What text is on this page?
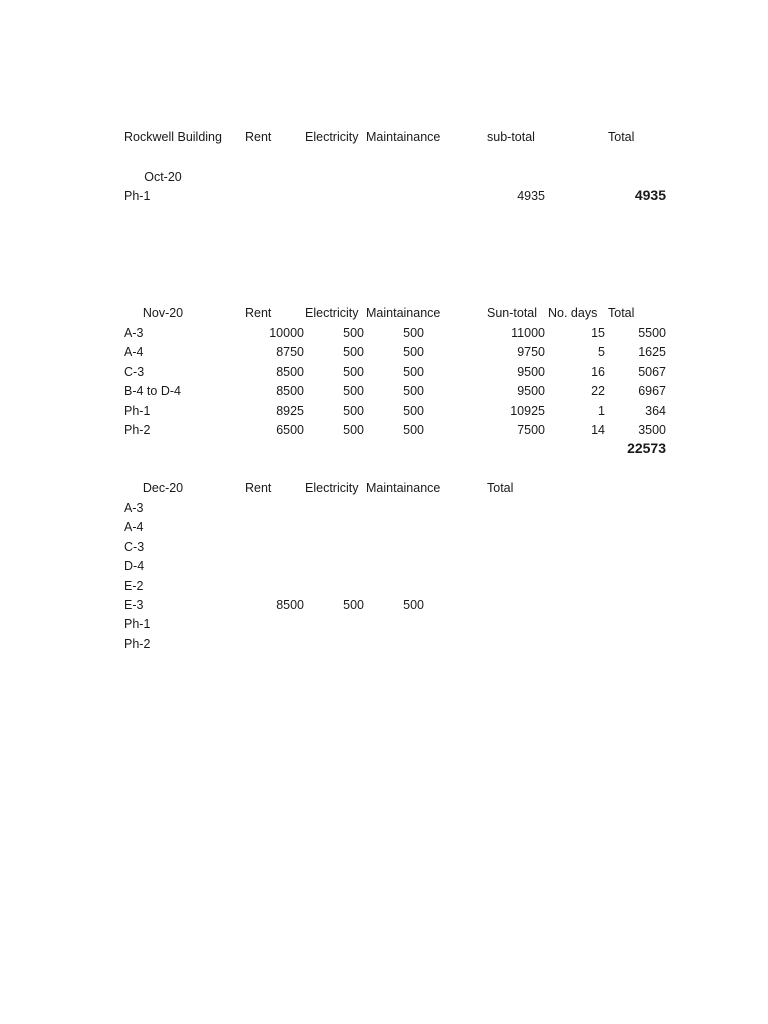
Rockwell Building Rent	Electricity Maintainance	sub-total	Total
Oct-20
Ph-1	4935	4935
Nov-20	Rent	Electricity Maintainance	Sun-total No. days Total
A-3	10000	500	500	11000	15	5500
A-4	8750	500	500	9750	5	1625
C-3	8500	500	500	9500	16	5067
B-4 to D-4	8500	500	500	9500	22	6967
Ph-1	8925	500	500	10925	1	364
Ph-2	6500	500	500	7500	14	3500
22573
Dec-20	Rent	Electricity Maintainance	Total
A-3
A-4
C-3
D-4
E-2
E-3	8500	500	500
Ph-1
Ph-2
